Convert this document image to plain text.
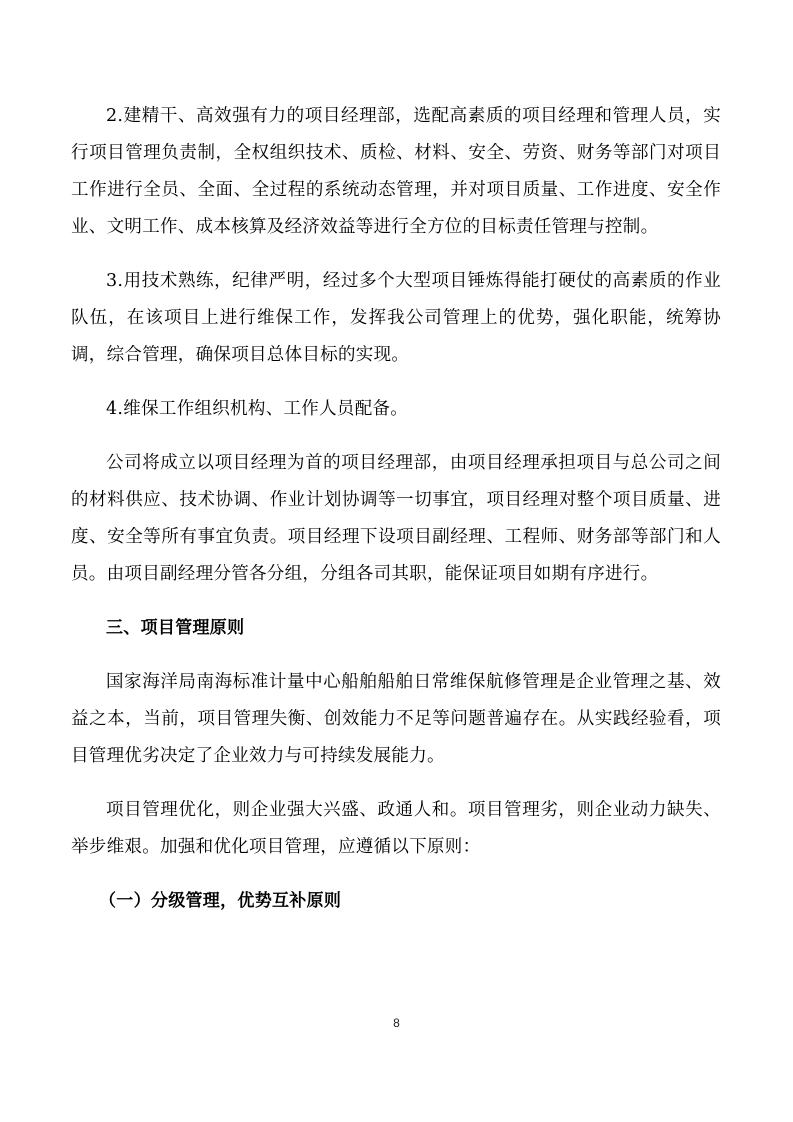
2.建精干、高效强有力的项目经理部，选配高素质的项目经理和管理人员，实行项目管理负责制，全权组织技术、质检、材料、安全、劳资、财务等部门对项目工作进行全员、全面、全过程的系统动态管理，并对项目质量、工作进度、安全作业、文明工作、成本核算及经济效益等进行全方位的目标责任管理与控制。

3.用技术熟练，纪律严明，经过多个大型项目锤炼得能打硬仗的高素质的作业队伍，在该项目上进行维保工作，发挥我公司管理上的优势，强化职能，统筹协调，综合管理，确保项目总体目标的实现。

4.维保工作组织机构、工作人员配备。

公司将成立以项目经理为首的项目经理部，由项目经理承担项目与总公司之间的材料供应、技术协调、作业计划协调等一切事宜，项目经理对整个项目质量、进度、安全等所有事宜负责。项目经理下设项目副经理、工程师、财务部等部门和人员。由项目副经理分管各分组，分组各司其职，能保证项目如期有序进行。

三、项目管理原则

国家海洋局南海标准计量中心船舶船舶日常维保航修管理是企业管理之基、效益之本，当前，项目管理失衡、创效能力不足等问题普遍存在。从实践经验看，项目管理优劣决定了企业效力与可持续发展能力。

项目管理优化，则企业强大兴盛、政通人和。项目管理劣，则企业动力缺失、举步维艰。加强和优化项目管理，应遵循以下原则：

（一）分级管理，优势互补原则

8
